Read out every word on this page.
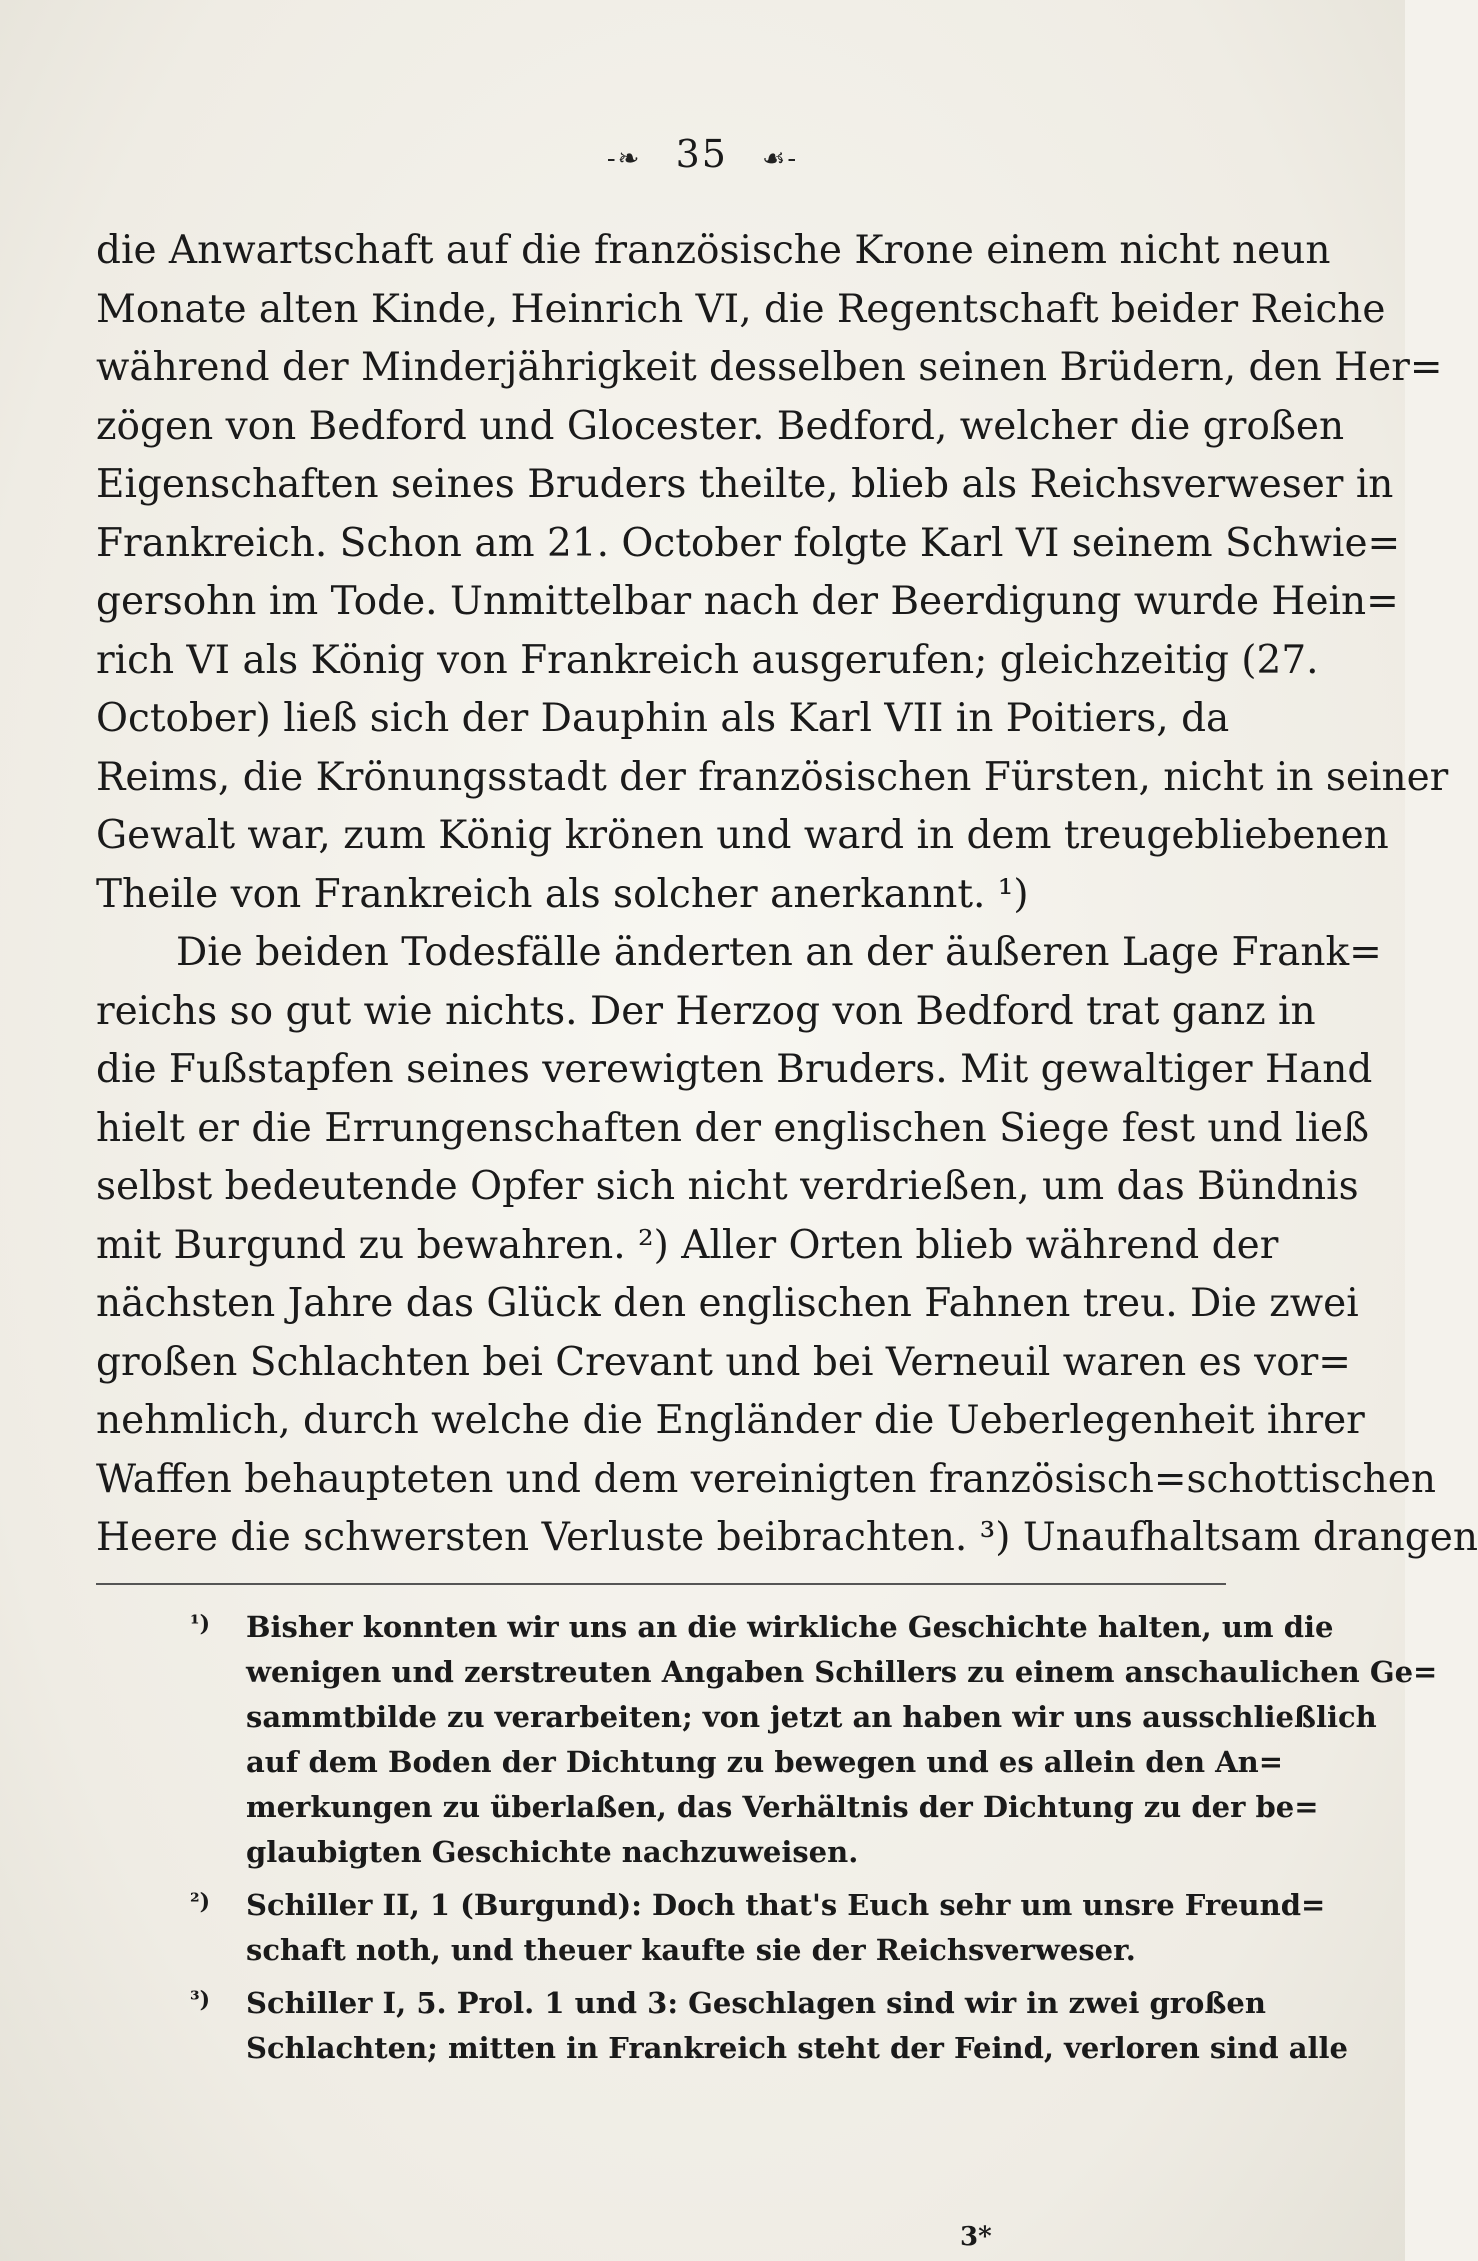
-❧ 35 ☙-
die Anwartschaft auf die französische Krone einem nicht neun
Monate alten Kinde, Heinrich VI, die Regentschaft beider Reiche
während der Minderjährigkeit desselben seinen Brüdern, den Her=
zögen von Bedford und Glocester. Bedford, welcher die großen
Eigenschaften seines Bruders theilte, blieb als Reichsverweser in
Frankreich. Schon am 21. October folgte Karl VI seinem Schwie=
gersohn im Tode. Unmittelbar nach der Beerdigung wurde Hein=
rich VI als König von Frankreich ausgerufen; gleichzeitig (27.
October) ließ sich der Dauphin als Karl VII in Poitiers, da
Reims, die Krönungsstadt der französischen Fürsten, nicht in seiner
Gewalt war, zum König krönen und ward in dem treugebliebenen
Theile von Frankreich als solcher anerkannt. ¹)
Die beiden Todesfälle änderten an der äußeren Lage Frank=
reichs so gut wie nichts. Der Herzog von Bedford trat ganz in
die Fußstapfen seines verewigten Bruders. Mit gewaltiger Hand
hielt er die Errungenschaften der englischen Siege fest und ließ
selbst bedeutende Opfer sich nicht verdrießen, um das Bündnis
mit Burgund zu bewahren. ²) Aller Orten blieb während der
nächsten Jahre das Glück den englischen Fahnen treu. Die zwei
großen Schlachten bei Crevant und bei Verneuil waren es vor=
nehmlich, durch welche die Engländer die Ueberlegenheit ihrer
Waffen behaupteten und dem vereinigten französisch=schottischen
Heere die schwersten Verluste beibrachten. ³) Unaufhaltsam drangen
¹)	Bisher konnten wir uns an die wirkliche Geschichte halten, um die
wenigen und zerstreuten Angaben Schillers zu einem anschaulichen Ge=
sammtbilde zu verarbeiten; von jetzt an haben wir uns ausschließlich
auf dem Boden der Dichtung zu bewegen und es allein den An=
merkungen zu überlaßen, das Verhältnis der Dichtung zu der be=
glaubigten Geschichte nachzuweisen.
²)	Schiller II, 1 (Burgund): Doch that's Euch sehr um unsre Freund=
schaft noth, und theuer kaufte sie der Reichsverweser.
³)	Schiller I, 5. Prol. 1 und 3: Geschlagen sind wir in zwei großen
Schlachten; mitten in Frankreich steht der Feind, verloren sind alle
3*
